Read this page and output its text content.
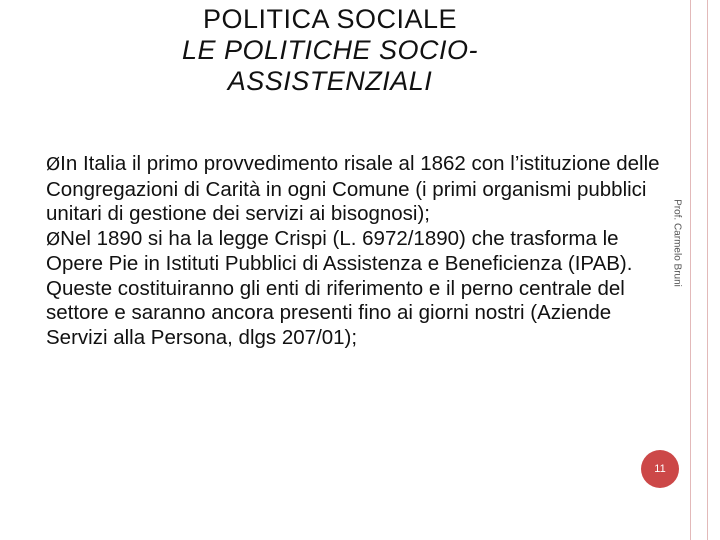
POLITICA SOCIALE
LE POLITICHE SOCIO-
ASSISTENZIALI

ØIn Italia il primo provvedimento risale al 1862 con l’istituzione delle Congregazioni di Carità in ogni Comune (i primi organismi pubblici unitari di gestione dei servizi ai bisognosi);

ØNel 1890 si ha la legge Crispi (L. 6972/1890) che trasforma le Opere Pie in Istituti Pubblici di Assistenza e Beneficienza (IPAB). Queste costituiranno gli enti di riferimento e il perno centrale del settore e saranno ancora presenti fino ai giorni nostri (Aziende Servizi alla Persona, dlgs 207/01);

Prof. Carmelo Bruni
11
